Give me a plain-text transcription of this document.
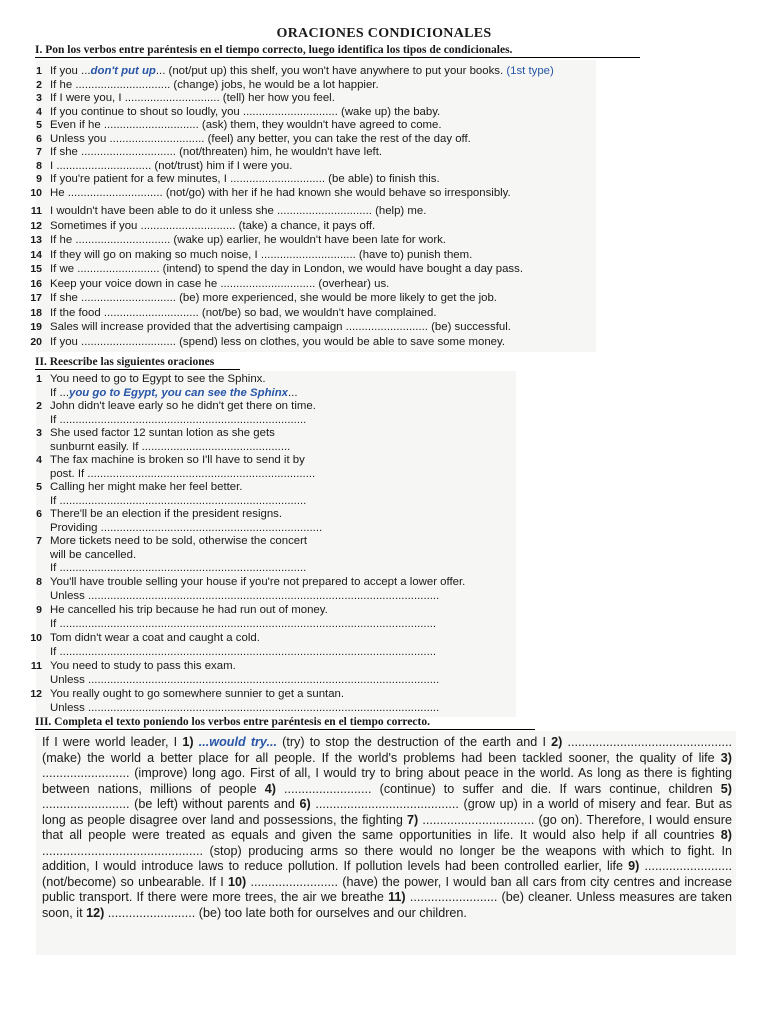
ORACIONES CONDICIONALES
I. Pon los verbos entre paréntesis en el tiempo correcto, luego identifica los tipos de condicionales.
1 If you ...don't put up... (not/put up) this shelf, you won't have anywhere to put your books. (1st type)
2 If he .............................. (change) jobs, he would be a lot happier.
3 If I were you, I .............................. (tell) her how you feel.
4 If you continue to shout so loudly, you .............................. (wake up) the baby.
5 Even if he .............................. (ask) them, they wouldn't have agreed to come.
6 Unless you .............................. (feel) any better, you can take the rest of the day off.
7 If she .............................. (not/threaten) him, he wouldn't have left.
8 I .............................. (not/trust) him if I were you.
9 If you're patient for a few minutes, I .............................. (be able) to finish this.
10 He .............................. (not/go) with her if he had known she would behave so irresponsibly.
11 I wouldn't have been able to do it unless she .............................. (help) me.
12 Sometimes if you .............................. (take) a chance, it pays off.
13 If he .............................. (wake up) earlier, he wouldn't have been late for work.
14 If they will go on making so much noise, I .............................. (have to) punish them.
15 If we .......................... (intend) to spend the day in London, we would have bought a day pass.
16 Keep your voice down in case he .............................. (overhear) us.
17 If she .............................. (be) more experienced, she would be more likely to get the job.
18 If the food .............................. (not/be) so bad, we wouldn't have complained.
19 Sales will increase provided that the advertising campaign .......................... (be) successful.
20 If you .............................. (spend) less on clothes, you would be able to save some money.
II. Reescribe las siguientes oraciones
1 You need to go to Egypt to see the Sphinx.
If ...you go to Egypt, you can see the Sphinx...
2 John didn't leave early so he didn't get there on time.
If ..............................................................................
3 She used factor 12 suntan lotion as she gets
sunburnt easily. If ...............................................
4 The fax machine is broken so I'll have to send it by
post. If ........................................................................
5 Calling her might make her feel better.
If ..............................................................................
6 There'll be an election if the president resigns.
Providing ......................................................................
7 More tickets need to be sold, otherwise the concert
will be cancelled.
If ..............................................................................
8 You'll have trouble selling your house if you're not prepared to accept a lower offer.
Unless ...............................................................................................................
9 He cancelled his trip because he had run out of money.
If .......................................................................................................................
10 Tom didn't wear a coat and caught a cold.
If .......................................................................................................................
11 You need to study to pass this exam.
Unless ...............................................................................................................
12 You really ought to go somewhere sunnier to get a suntan.
Unless ...............................................................................................................
III. Completa el texto poniendo los verbos entre paréntesis en el tiempo correcto.

If I were world leader, I 1) ...would try... (try) to stop the destruction of the earth and I 2) ............................................... (make) the world a better place for all people. If the world's problems had been tackled sooner, the quality of life 3) ......................... (improve) long ago. First of all, I would try to bring about peace in the world. As long as there is fighting between nations, millions of people 4) ......................... (continue) to suffer and die. If wars continue, children 5) ......................... (be left) without parents and 6) ......................................... (grow up) in a world of misery and fear. But as long as people disagree over land and possessions, the fighting 7) ................................ (go on). Therefore, I would ensure that all people were treated as equals and given the same opportunities in life. It would also help if all countries 8) .............................................. (stop) producing arms so there would no longer be the weapons with which to fight. In addition, I would introduce laws to reduce pollution. If pollution levels had been controlled earlier, life 9) ......................... (not/become) so unbearable. If I 10) ......................... (have) the power, I would ban all cars from city centres and increase public transport. If there were more trees, the air we breathe 11) ......................... (be) cleaner. Unless measures are taken soon, it 12) ......................... (be) too late both for ourselves and our children.
